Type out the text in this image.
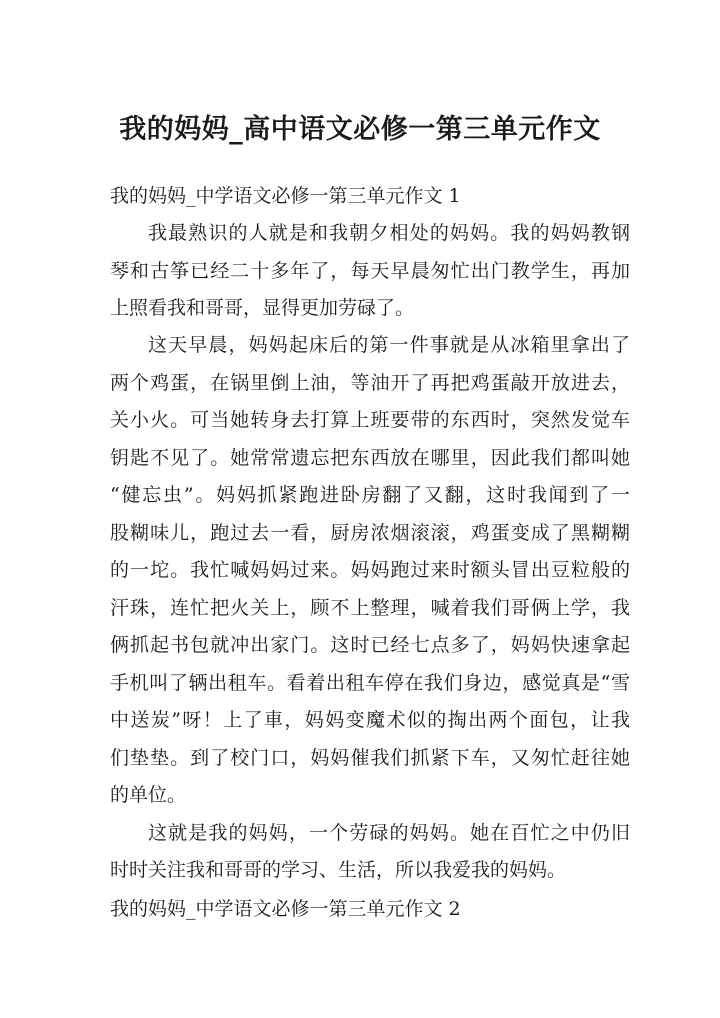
我的妈妈_高中语文必修一第三单元作文
我的妈妈_中学语文必修一第三单元作文 1
我最熟识的人就是和我朝夕相处的妈妈。我的妈妈教钢
琴和古筝已经二十多年了，每天早晨匆忙出门教学生，再加
上照看我和哥哥，显得更加劳碌了。
这天早晨，妈妈起床后的第一件事就是从冰箱里拿出了
两个鸡蛋，在锅里倒上油，等油开了再把鸡蛋敲开放进去，
关小火。可当她转身去打算上班要带的东西时，突然发觉车
钥匙不见了。她常常遗忘把东西放在哪里，因此我们都叫她
“健忘虫”。妈妈抓紧跑进卧房翻了又翻，这时我闻到了一
股糊味儿，跑过去一看，厨房浓烟滚滚，鸡蛋变成了黑糊糊
的一坨。我忙喊妈妈过来。妈妈跑过来时额头冒出豆粒般的
汗珠，连忙把火关上，顾不上整理，喊着我们哥俩上学，我
俩抓起书包就冲出家门。这时已经七点多了，妈妈快速拿起
手机叫了辆出租车。看着出租车停在我们身边，感觉真是“雪
中送炭”呀！上了車，妈妈变魔术似的掏出两个面包，让我
们垫垫。到了校门口，妈妈催我们抓紧下车，又匆忙赶往她
的单位。
这就是我的妈妈，一个劳碌的妈妈。她在百忙之中仍旧
时时关注我和哥哥的学习、生活，所以我爱我的妈妈。
我的妈妈_中学语文必修一第三单元作文 2
